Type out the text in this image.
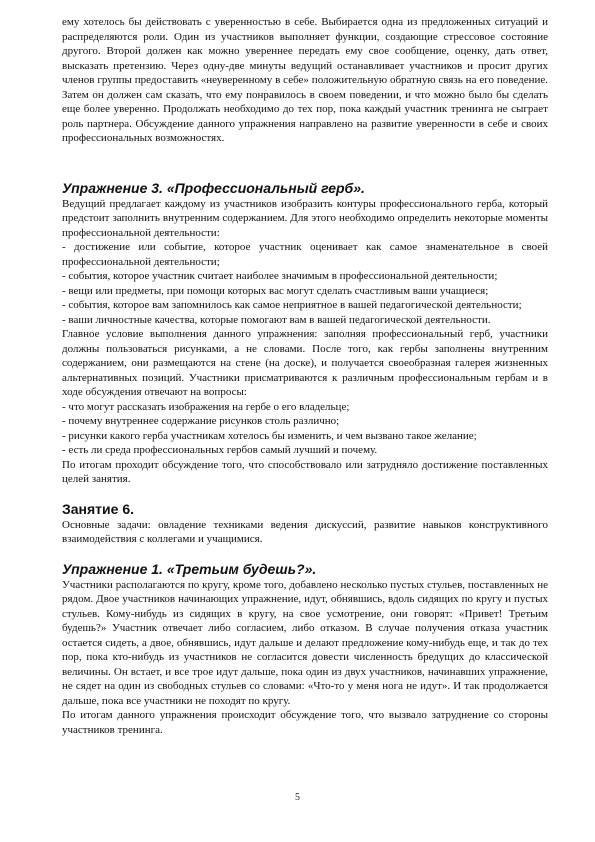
ему хотелось бы действовать с уверенностью в себе. Выбирается одна из предложенных ситуаций и распределяются роли. Один из участников выполняет функции, создающие стрессовое состояние другого. Второй должен как можно увереннее передать ему свое сообщение, оценку, дать ответ, высказать претензию. Через одну-две минуты ведущий останавливает участников и просит других членов группы предоставить «неуверенному в себе» положительную обратную связь на его поведение. Затем он должен сам сказать, что ему понравилось в своем поведении, и что можно было бы сделать еще более уверенно. Продолжать необходимо до тех пор, пока каждый участник тренинга не сыграет роль партнера. Обсуждение данного упражнения направлено на развитие уверенности в себе и своих профессиональных возможностях.

Упражнение 3. «Профессиональный герб».

Ведущий предлагает каждому из участников изобразить контуры профессионального герба, который предстоит заполнить внутренним содержанием. Для этого необходимо определить некоторые моменты профессиональной деятельности:

- достижение или событие, которое участник оценивает как самое знаменательное в своей профессиональной деятельности;

- события, которое участник считает наиболее значимым в профессиональной деятельности;

- вещи или предметы, при помощи которых вас могут сделать счастливым ваши учащиеся;

- события, которое вам запомнилось как самое неприятное в вашей педагогической деятельности;

- ваши личностные качества, которые помогают вам в вашей педагогической деятельности.

Главное условие выполнения данного упражнения: заполняя профессиональный герб, участники должны пользоваться рисунками, а не словами. После того, как гербы заполнены внутренним содержанием, они размещаются на стене (на доске), и получается своеобразная галерея жизненных альтернативных позиций. Участники присматриваются к различным профессиональным гербам и в ходе обсуждения отвечают на вопросы:

- что могут рассказать изображения на гербе о его владельце;

- почему внутреннее содержание рисунков столь различно;

- рисунки какого герба участникам хотелось бы изменить, и чем вызвано такое желание;

- есть ли среда профессиональных гербов самый лучший и почему.

По итогам проходит обсуждение того, что способствовало или затрудняло достижение поставленных целей занятия.

Занятие 6.

Основные задачи: овладение техниками ведения дискуссий, развитие навыков конструктивного взаимодействия с коллегами и учащимися.

Упражнение 1. «Третьим будешь?».

Участники располагаются по кругу, кроме того, добавлено несколько пустых стульев, поставленных не рядом. Двое участников начинающих упражнение, идут, обнявшись, вдоль сидящих по кругу и пустых стульев. Кому-нибудь из сидящих в кругу, на свое усмотрение, они говорят: «Привет! Третьим будешь?» Участник отвечает либо согласием, либо отказом. В случае получения отказа участник остается сидеть, а двое, обнявшись, идут дальше и делают предложение кому-нибудь еще, и так до тех пор, пока кто-нибудь из участников не согласится довести численность бредущих до классической величины. Он встает, и все трое идут дальше, пока один из двух участников, начинавших упражнение, не сядет на один из свободных стульев со словами: «Что-то у меня нога не идут». И так продолжается дальше, пока все участники не походят по кругу.

По итогам данного упражнения происходит обсуждение того, что вызвало затруднение со стороны участников тренинга.

5
